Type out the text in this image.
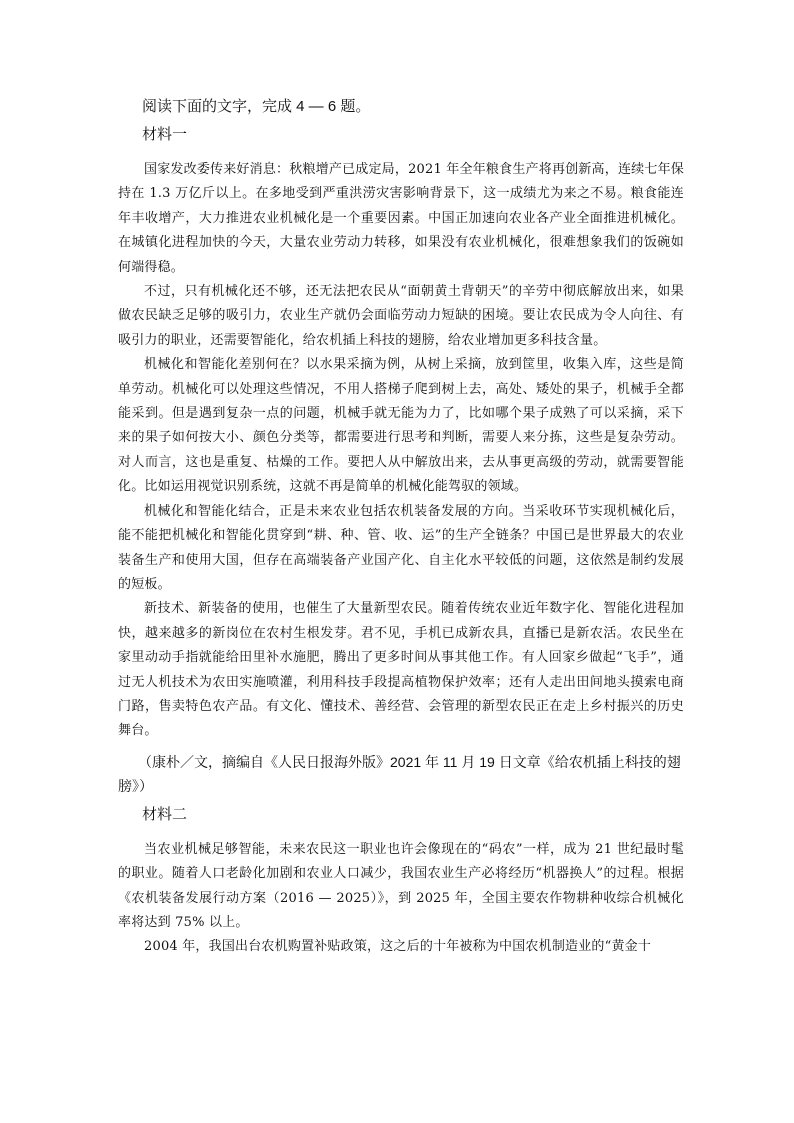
阅读下面的文字，完成 4 — 6 题。

材料一

国家发改委传来好消息：秋粮增产已成定局，2021 年全年粮食生产将再创新高，连续七年保持在 1.3 万亿斤以上。在多地受到严重洪涝灾害影响背景下，这一成绩尤为来之不易。粮食能连年丰收增产，大力推进农业机械化是一个重要因素。中国正加速向农业各产业全面推进机械化。在城镇化进程加快的今天，大量农业劳动力转移，如果没有农业机械化，很难想象我们的饭碗如何端得稳。

不过，只有机械化还不够，还无法把农民从“面朝黄土背朝天”的辛劳中彻底解放出来，如果做农民缺乏足够的吸引力，农业生产就仍会面临劳动力短缺的困境。要让农民成为令人向往、有吸引力的职业，还需要智能化，给农机插上科技的翅膀，给农业增加更多科技含量。

机械化和智能化差别何在？以水果采摘为例，从树上采摘，放到筐里，收集入库，这些是简单劳动。机械化可以处理这些情况，不用人搭梯子爬到树上去，高处、矮处的果子，机械手全都能采到。但是遇到复杂一点的问题，机械手就无能为力了，比如哪个果子成熟了可以采摘，采下来的果子如何按大小、颜色分类等，都需要进行思考和判断，需要人来分拣，这些是复杂劳动。对人而言，这也是重复、枯燥的工作。要把人从中解放出来，去从事更高级的劳动，就需要智能化。比如运用视觉识别系统，这就不再是简单的机械化能驾驭的领域。

机械化和智能化结合，正是未来农业包括农机装备发展的方向。当采收环节实现机械化后，能不能把机械化和智能化贯穿到“耕、种、管、收、运”的生产全链条？中国已是世界最大的农业装备生产和使用大国，但存在高端装备产业国产化、自主化水平较低的问题，这依然是制约发展的短板。

新技术、新装备的使用，也催生了大量新型农民。随着传统农业近年数字化、智能化进程加快，越来越多的新岗位在农村生根发芽。君不见，手机已成新农具，直播已是新农活。农民坐在家里动动手指就能给田里补水施肥，腾出了更多时间从事其他工作。有人回家乡做起“飞手”，通过无人机技术为农田实施喷灌，利用科技手段提高植物保护效率；还有人走出田间地头摸索电商门路，售卖特色农产品。有文化、懂技术、善经营、会管理的新型农民正在走上乡村振兴的历史舞台。

（康朴／文，摘编自《人民日报海外版》2021 年 11 月 19 日文章《给农机插上科技的翅膀》）

材料二

当农业机械足够智能，未来农民这一职业也许会像现在的“码农”一样，成为 21 世纪最时髦的职业。随着人口老龄化加剧和农业人口减少，我国农业生产必将经历“机器换人”的过程。根据《农机装备发展行动方案（2016 — 2025）》，到 2025 年，全国主要农作物耕种收综合机械化率将达到 75% 以上。

2004 年，我国出台农机购置补贴政策，这之后的十年被称为中国农机制造业的“黄金十
